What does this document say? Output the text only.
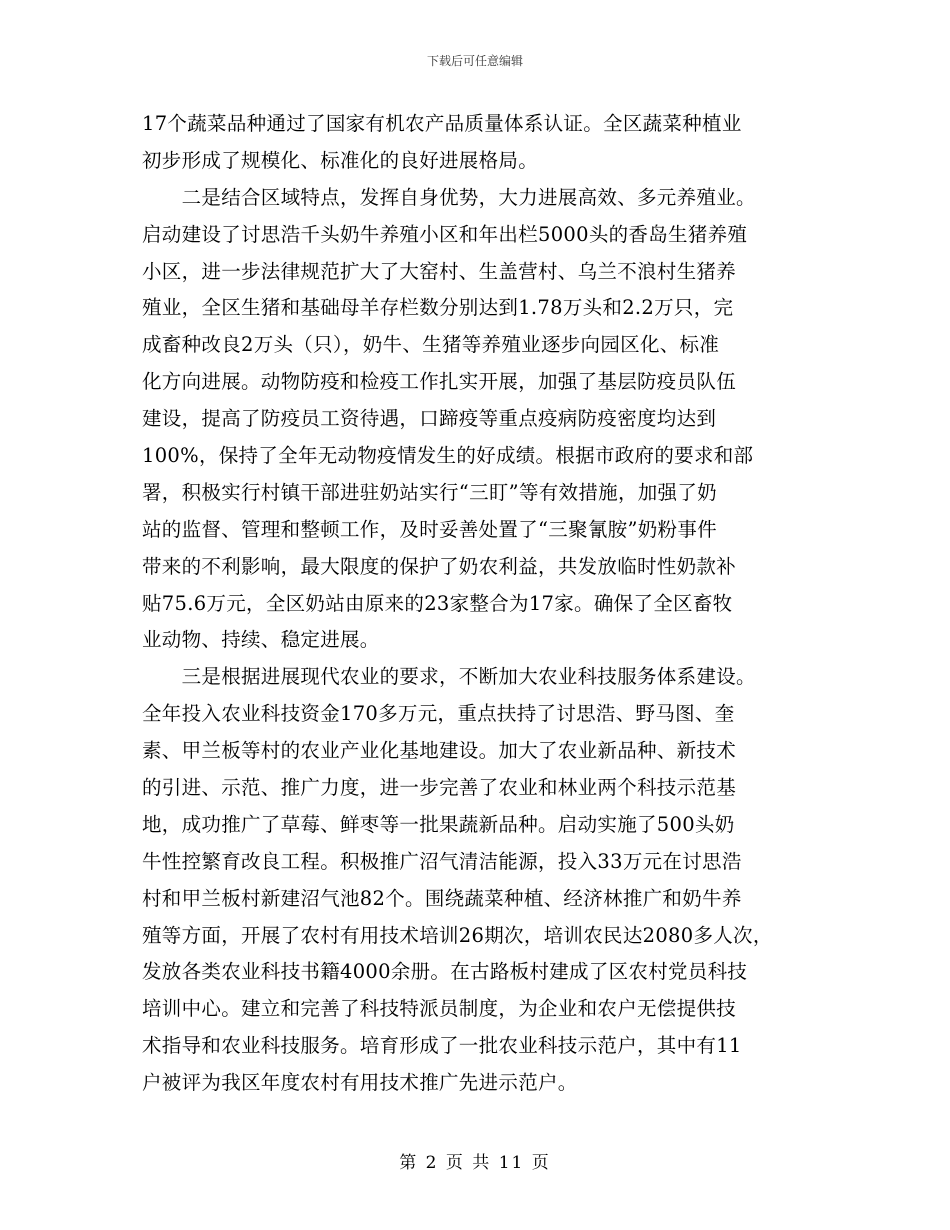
下载后可任意编辑
17个蔬菜品种通过了国家有机农产品质量体系认证。全区蔬菜种植业
初步形成了规模化、标准化的良好进展格局。
　　二是结合区域特点，发挥自身优势，大力进展高效、多元养殖业。
启动建设了讨思浩千头奶牛养殖小区和年出栏5000头的香岛生猪养殖
小区，进一步法律规范扩大了大窑村、生盖营村、乌兰不浪村生猪养
殖业，全区生猪和基础母羊存栏数分别达到1.78万头和2.2万只，完
成畜种改良2万头（只），奶牛、生猪等养殖业逐步向园区化、标准
化方向进展。动物防疫和检疫工作扎实开展，加强了基层防疫员队伍
建设，提高了防疫员工资待遇，口蹄疫等重点疫病防疫密度均达到
100%，保持了全年无动物疫情发生的好成绩。根据市政府的要求和部
署，积极实行村镇干部进驻奶站实行“三盯”等有效措施，加强了奶
站的监督、管理和整顿工作，及时妥善处置了“三聚氰胺”奶粉事件
带来的不利影响，最大限度的保护了奶农利益，共发放临时性奶款补
贴75.6万元，全区奶站由原来的23家整合为17家。确保了全区畜牧
业动物、持续、稳定进展。
　　三是根据进展现代农业的要求，不断加大农业科技服务体系建设。
全年投入农业科技资金170多万元，重点扶持了讨思浩、野马图、奎
素、甲兰板等村的农业产业化基地建设。加大了农业新品种、新技术
的引进、示范、推广力度，进一步完善了农业和林业两个科技示范基
地，成功推广了草莓、鲜枣等一批果蔬新品种。启动实施了500头奶
牛性控繁育改良工程。积极推广沼气清洁能源，投入33万元在讨思浩
村和甲兰板村新建沼气池82个。围绕蔬菜种植、经济林推广和奶牛养
殖等方面，开展了农村有用技术培训26期次，培训农民达2080多人次，
发放各类农业科技书籍4000余册。在古路板村建成了区农村党员科技
培训中心。建立和完善了科技特派员制度，为企业和农户无偿提供技
术指导和农业科技服务。培育形成了一批农业科技示范户，其中有11
户被评为我区年度农村有用技术推广先进示范户。
第 2 页 共 11 页
